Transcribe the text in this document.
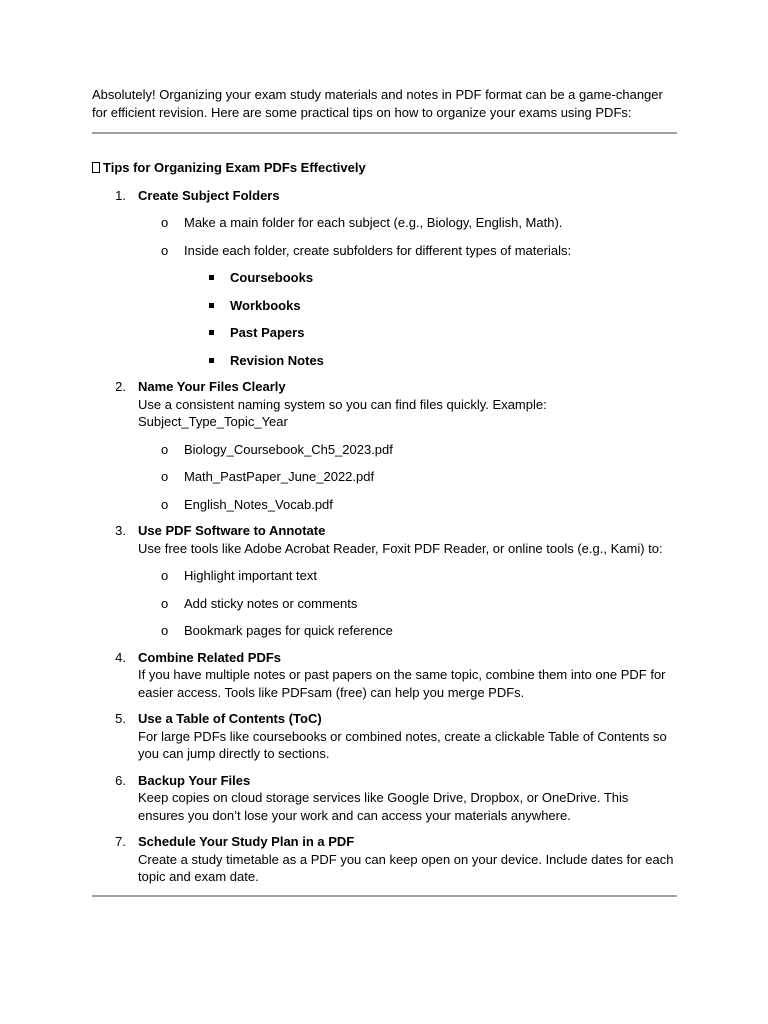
Absolutely! Organizing your exam study materials and notes in PDF format can be a game-changer for efficient revision. Here are some practical tips on how to organize your exams using PDFs:

Tips for Organizing Exam PDFs Effectively
1. Create Subject Folders
o Make a main folder for each subject (e.g., Biology, English, Math).
o Inside each folder, create subfolders for different types of materials:
Coursebooks
Workbooks
Past Papers
Revision Notes
2. Name Your Files Clearly
Use a consistent naming system so you can find files quickly. Example: Subject_Type_Topic_Year
o Biology_Coursebook_Ch5_2023.pdf
o Math_PastPaper_June_2022.pdf
o English_Notes_Vocab.pdf
3. Use PDF Software to Annotate
Use free tools like Adobe Acrobat Reader, Foxit PDF Reader, or online tools (e.g., Kami) to:
o Highlight important text
o Add sticky notes or comments
o Bookmark pages for quick reference
4. Combine Related PDFs
If you have multiple notes or past papers on the same topic, combine them into one PDF for easier access. Tools like PDFsam (free) can help you merge PDFs.
5. Use a Table of Contents (ToC)
For large PDFs like coursebooks or combined notes, create a clickable Table of Contents so you can jump directly to sections.
6. Backup Your Files
Keep copies on cloud storage services like Google Drive, Dropbox, or OneDrive. This ensures you don’t lose your work and can access your materials anywhere.
7. Schedule Your Study Plan in a PDF
Create a study timetable as a PDF you can keep open on your device. Include dates for each topic and exam date.
